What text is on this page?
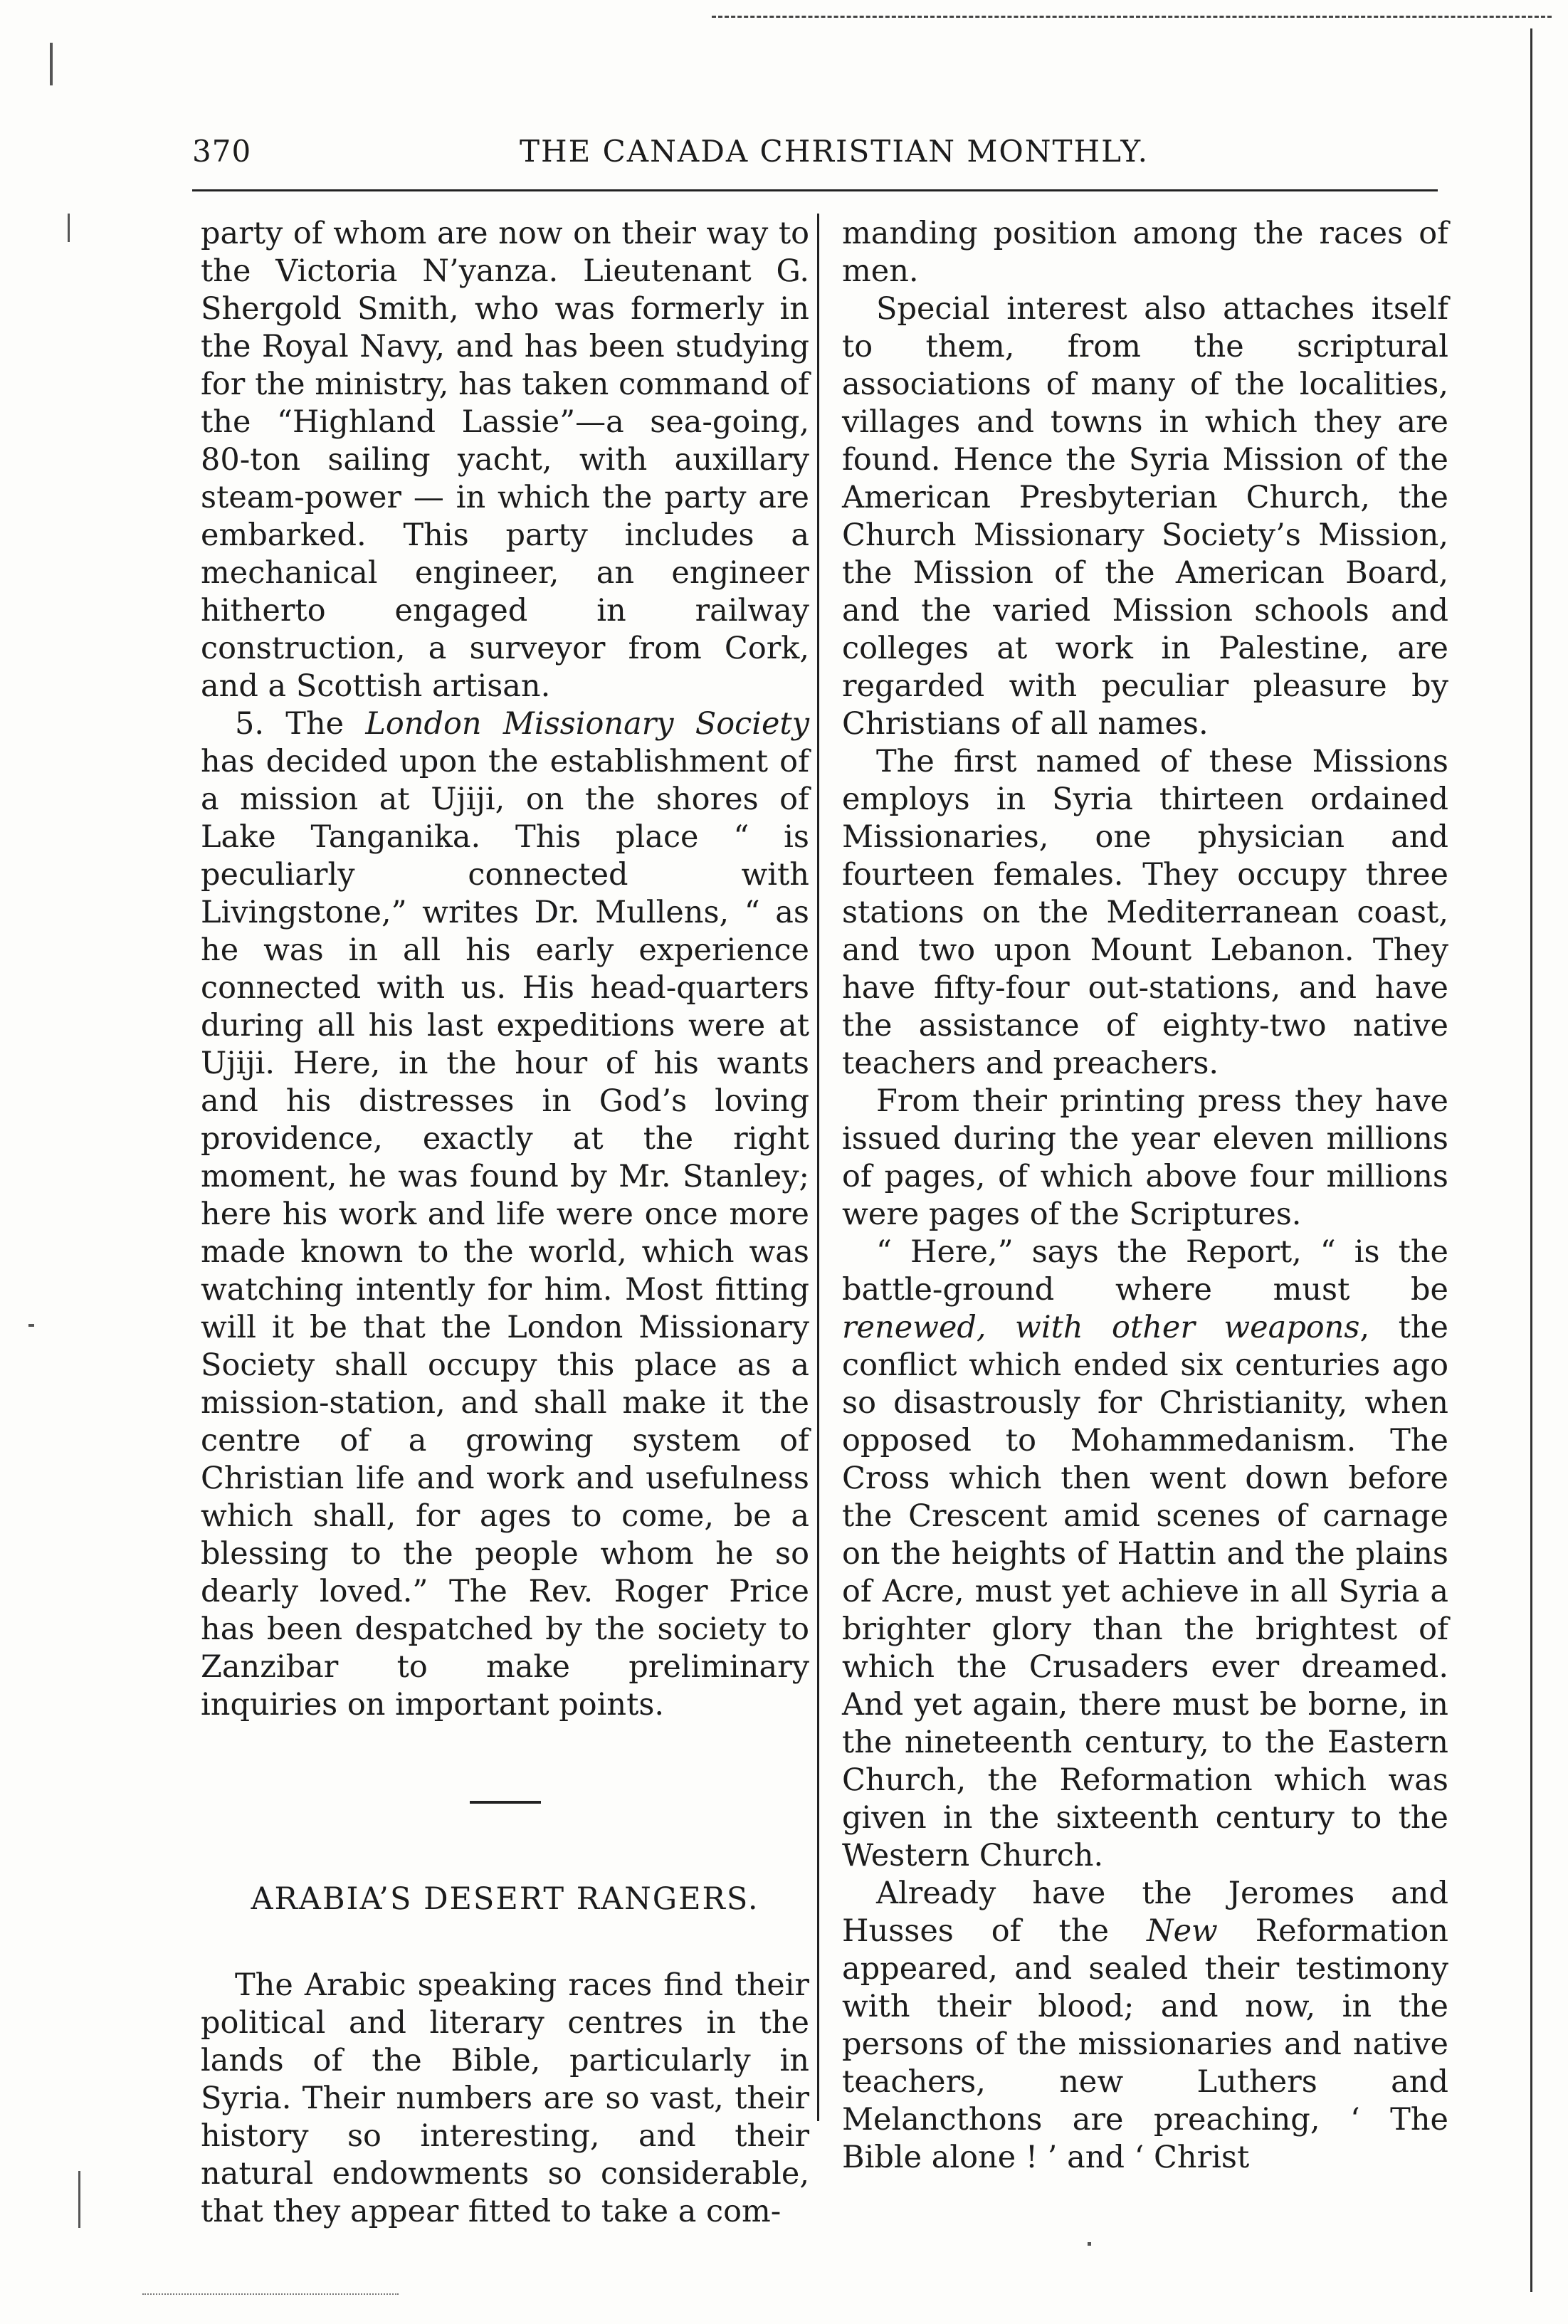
370	THE CANADA CHRISTIAN MONTHLY.

party of whom are now on their way to the Victoria N’yanza. Lieutenant G. Shergold Smith, who was formerly in the Royal Navy, and has been studying for the ministry, has taken command of the “Highland Lassie”—a sea-going, 80-ton sailing yacht, with auxillary steam-power — in which the party are embarked. This party includes a mechanical engineer, an engineer hitherto engaged in railway construction, a surveyor from Cork, and a Scottish artisan.

5. The London Missionary Society has decided upon the establishment of a mission at Ujiji, on the shores of Lake Tanganika. This place “ is peculiarly connected with Livingstone,” writes Dr. Mullens, “ as he was in all his early experience connected with us. His head-quarters during all his last expeditions were at Ujiji. Here, in the hour of his wants and his distresses in God’s loving providence, exactly at the right moment, he was found by Mr. Stanley; here his work and life were once more made known to the world, which was watching intently for him. Most fitting will it be that the London Missionary Society shall occupy this place as a mission-station, and shall make it the centre of a growing system of Christian life and work and usefulness which shall, for ages to come, be a blessing to the people whom he so dearly loved.” The Rev. Roger Price has been despatched by the society to Zanzibar to make preliminary inquiries on important points.

ARABIA’S DESERT RANGERS.

The Arabic speaking races find their political and literary centres in the lands of the Bible, particularly in Syria. Their numbers are so vast, their history so interesting, and their natural endowments so considerable, that they appear fitted to take a com-

manding position among the races of men.

Special interest also attaches itself to them, from the scriptural associations of many of the localities, villages and towns in which they are found. Hence the Syria Mission of the American Presbyterian Church, the Church Missionary Society’s Mission, the Mission of the American Board, and the varied Mission schools and colleges at work in Palestine, are regarded with peculiar pleasure by Christians of all names.

The first named of these Missions employs in Syria thirteen ordained Missionaries, one physician and fourteen females. They occupy three stations on the Mediterranean coast, and two upon Mount Lebanon. They have fifty-four out-stations, and have the assistance of eighty-two native teachers and preachers.

From their printing press they have issued during the year eleven millions of pages, of which above four millions were pages of the Scriptures.

“ Here,” says the Report, “ is the battle-ground where must be renewed, with other weapons, the conflict which ended six centuries ago so disastrously for Christianity, when opposed to Mohammedanism. The Cross which then went down before the Crescent amid scenes of carnage on the heights of Hattin and the plains of Acre, must yet achieve in all Syria a brighter glory than the brightest of which the Crusaders ever dreamed. And yet again, there must be borne, in the nineteenth century, to the Eastern Church, the Reformation which was given in the sixteenth century to the Western Church.

Already have the Jeromes and Husses of the New Reformation appeared, and sealed their testimony with their blood; and now, in the persons of the missionaries and native teachers, new Luthers and Melancthons are preaching, ‘ The Bible alone ! ’ and ‘ Christ
